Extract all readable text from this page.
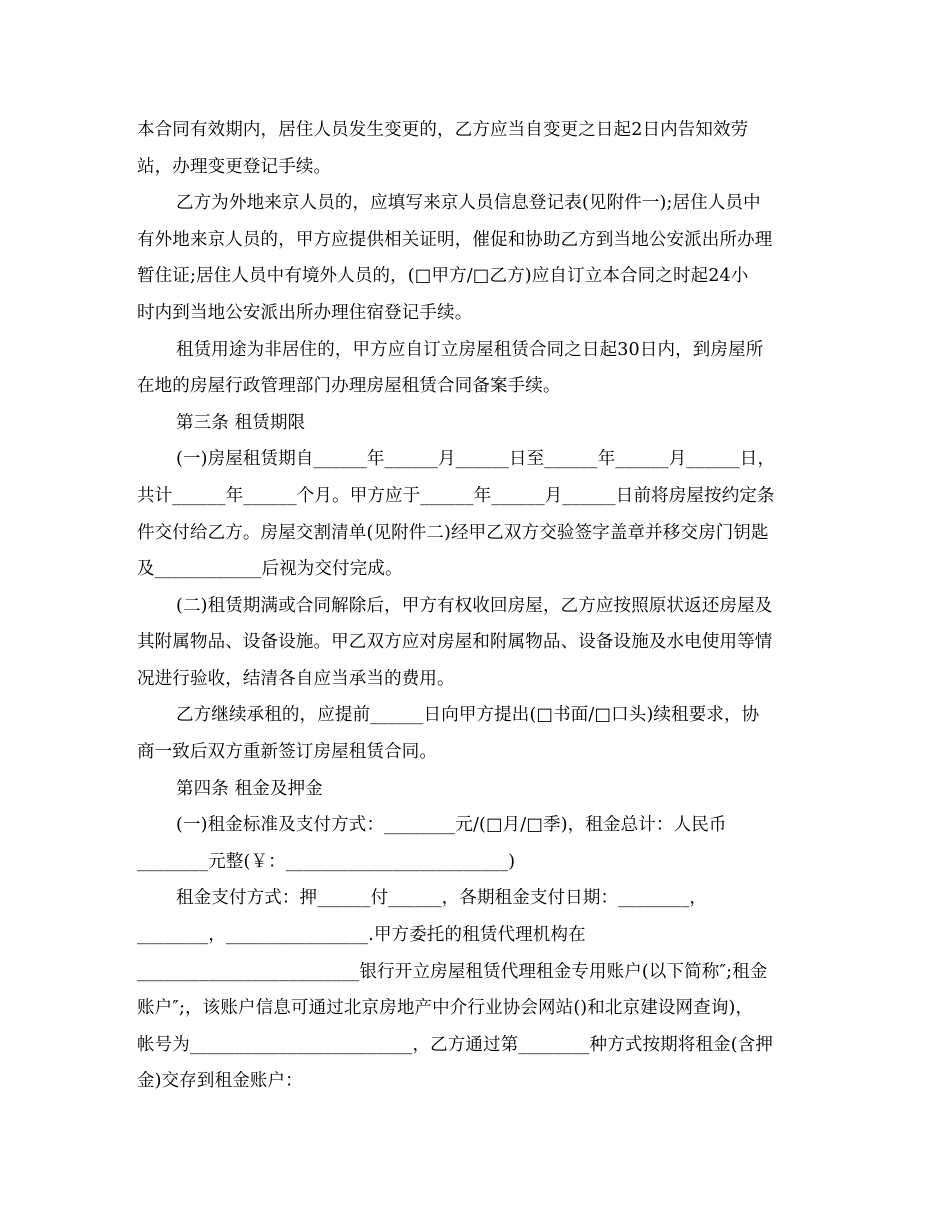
本合同有效期内，居住人员发生变更的，乙方应当自变更之日起2日内告知效劳
站，办理变更登记手续。
乙方为外地来京人员的，应填写来京人员信息登记表(见附件一);居住人员中
有外地来京人员的，甲方应提供相关证明，催促和协助乙方到当地公安派出所办理
暂住证;居住人员中有境外人员的，(□甲方/□乙方)应自订立本合同之时起24小
时内到当地公安派出所办理住宿登记手续。
租赁用途为非居住的，甲方应自订立房屋租赁合同之日起30日内，到房屋所
在地的房屋行政管理部门办理房屋租赁合同备案手续。
第三条 租赁期限
(一)房屋租赁期自______年______月______日至______年______月______日，
共计______年______个月。甲方应于______年______月______日前将房屋按约定条
件交付给乙方。房屋交割清单(见附件二)经甲乙双方交验签字盖章并移交房门钥匙
及____________后视为交付完成。
(二)租赁期满或合同解除后，甲方有权收回房屋，乙方应按照原状返还房屋及
其附属物品、设备设施。甲乙双方应对房屋和附属物品、设备设施及水电使用等情
况进行验收，结清各自应当承当的费用。
乙方继续承租的，应提前______日向甲方提出(□书面/□口头)续租要求，协
商一致后双方重新签订房屋租赁合同。
第四条 租金及押金
(一)租金标准及支付方式：________元/(□月/□季)，租金总计：人民币
________元整(￥：_________________________)
租金支付方式：押______付______，各期租金支付日期：________，
________，________________.甲方委托的租赁代理机构在
_________________________银行开立房屋租赁代理租金专用账户(以下简称″;租金
账户″;，该账户信息可通过北京房地产中介行业协会网站()和北京建设网查询)，
帐号为_________________________，乙方通过第________种方式按期将租金(含押
金)交存到租金账户：
